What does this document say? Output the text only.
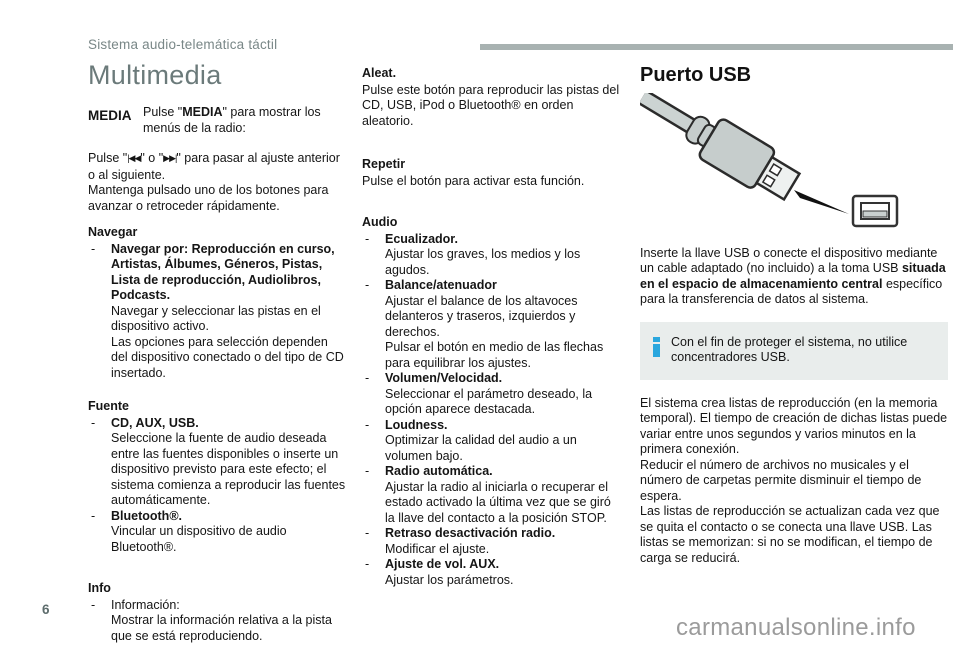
Sistema audio-telemática táctil
Multimedia
MEDIA Pulse "MEDIA" para mostrar los menús de la radio:

Pulse "|◀◀" o "▶▶|" para pasar al ajuste anterior o al siguiente.

Mantenga pulsado uno de los botones para avanzar o retroceder rápidamente.

Navegar

-	Navegar por: Reproducción en curso, Artistas, Álbumes, Géneros, Pistas, Lista de reproducción, Audiolibros, Podcasts.

Navegar y seleccionar las pistas en el dispositivo activo.

Las opciones para selección dependen del dispositivo conectado o del tipo de CD insertado.

Fuente

-	CD, AUX, USB.

Seleccione la fuente de audio deseada entre las fuentes disponibles o inserte un dispositivo previsto para este efecto; el sistema comienza a reproducir las fuentes automáticamente.

-	Bluetooth®.

Vincular un dispositivo de audio Bluetooth®.

Info

-	Información:

Mostrar la información relativa a la pista que se está reproduciendo.

Aleat.

Pulse este botón para reproducir las pistas del CD, USB, iPod o Bluetooth® en orden aleatorio.

Repetir

Pulse el botón para activar esta función.

Audio

-	Ecualizador.

Ajustar los graves, los medios y los agudos.

-	Balance/atenuador

Ajustar el balance de los altavoces delanteros y traseros, izquierdos y derechos.

Pulsar el botón en medio de las flechas para equilibrar los ajustes.

-	Volumen/Velocidad.

Seleccionar el parámetro deseado, la opción aparece destacada.

-	Loudness.

Optimizar la calidad del audio a un volumen bajo.

-	Radio automática.

Ajustar la radio al iniciarla o recuperar el estado activado la última vez que se giró la llave del contacto a la posición STOP.

-	Retraso desactivación radio.

Modificar el ajuste.

-	Ajuste de vol. AUX.

Ajustar los parámetros.

Puerto USB

Inserte la llave USB o conecte el dispositivo mediante un cable adaptado (no incluido) a la toma USB situada en el espacio de almacenamiento central específico para la transferencia de datos al sistema.

Con el fin de proteger el sistema, no utilice concentradores USB.

El sistema crea listas de reproducción (en la memoria temporal). El tiempo de creación de dichas listas puede variar entre unos segundos y varios minutos en la primera conexión.

Reducir el número de archivos no musicales y el número de carpetas permite disminuir el tiempo de espera.

Las listas de reproducción se actualizan cada vez que se quita el contacto o se conecta una llave USB. Las listas se memorizan: si no se modifican, el tiempo de carga se reducirá.

6
carmanualsonline.info
